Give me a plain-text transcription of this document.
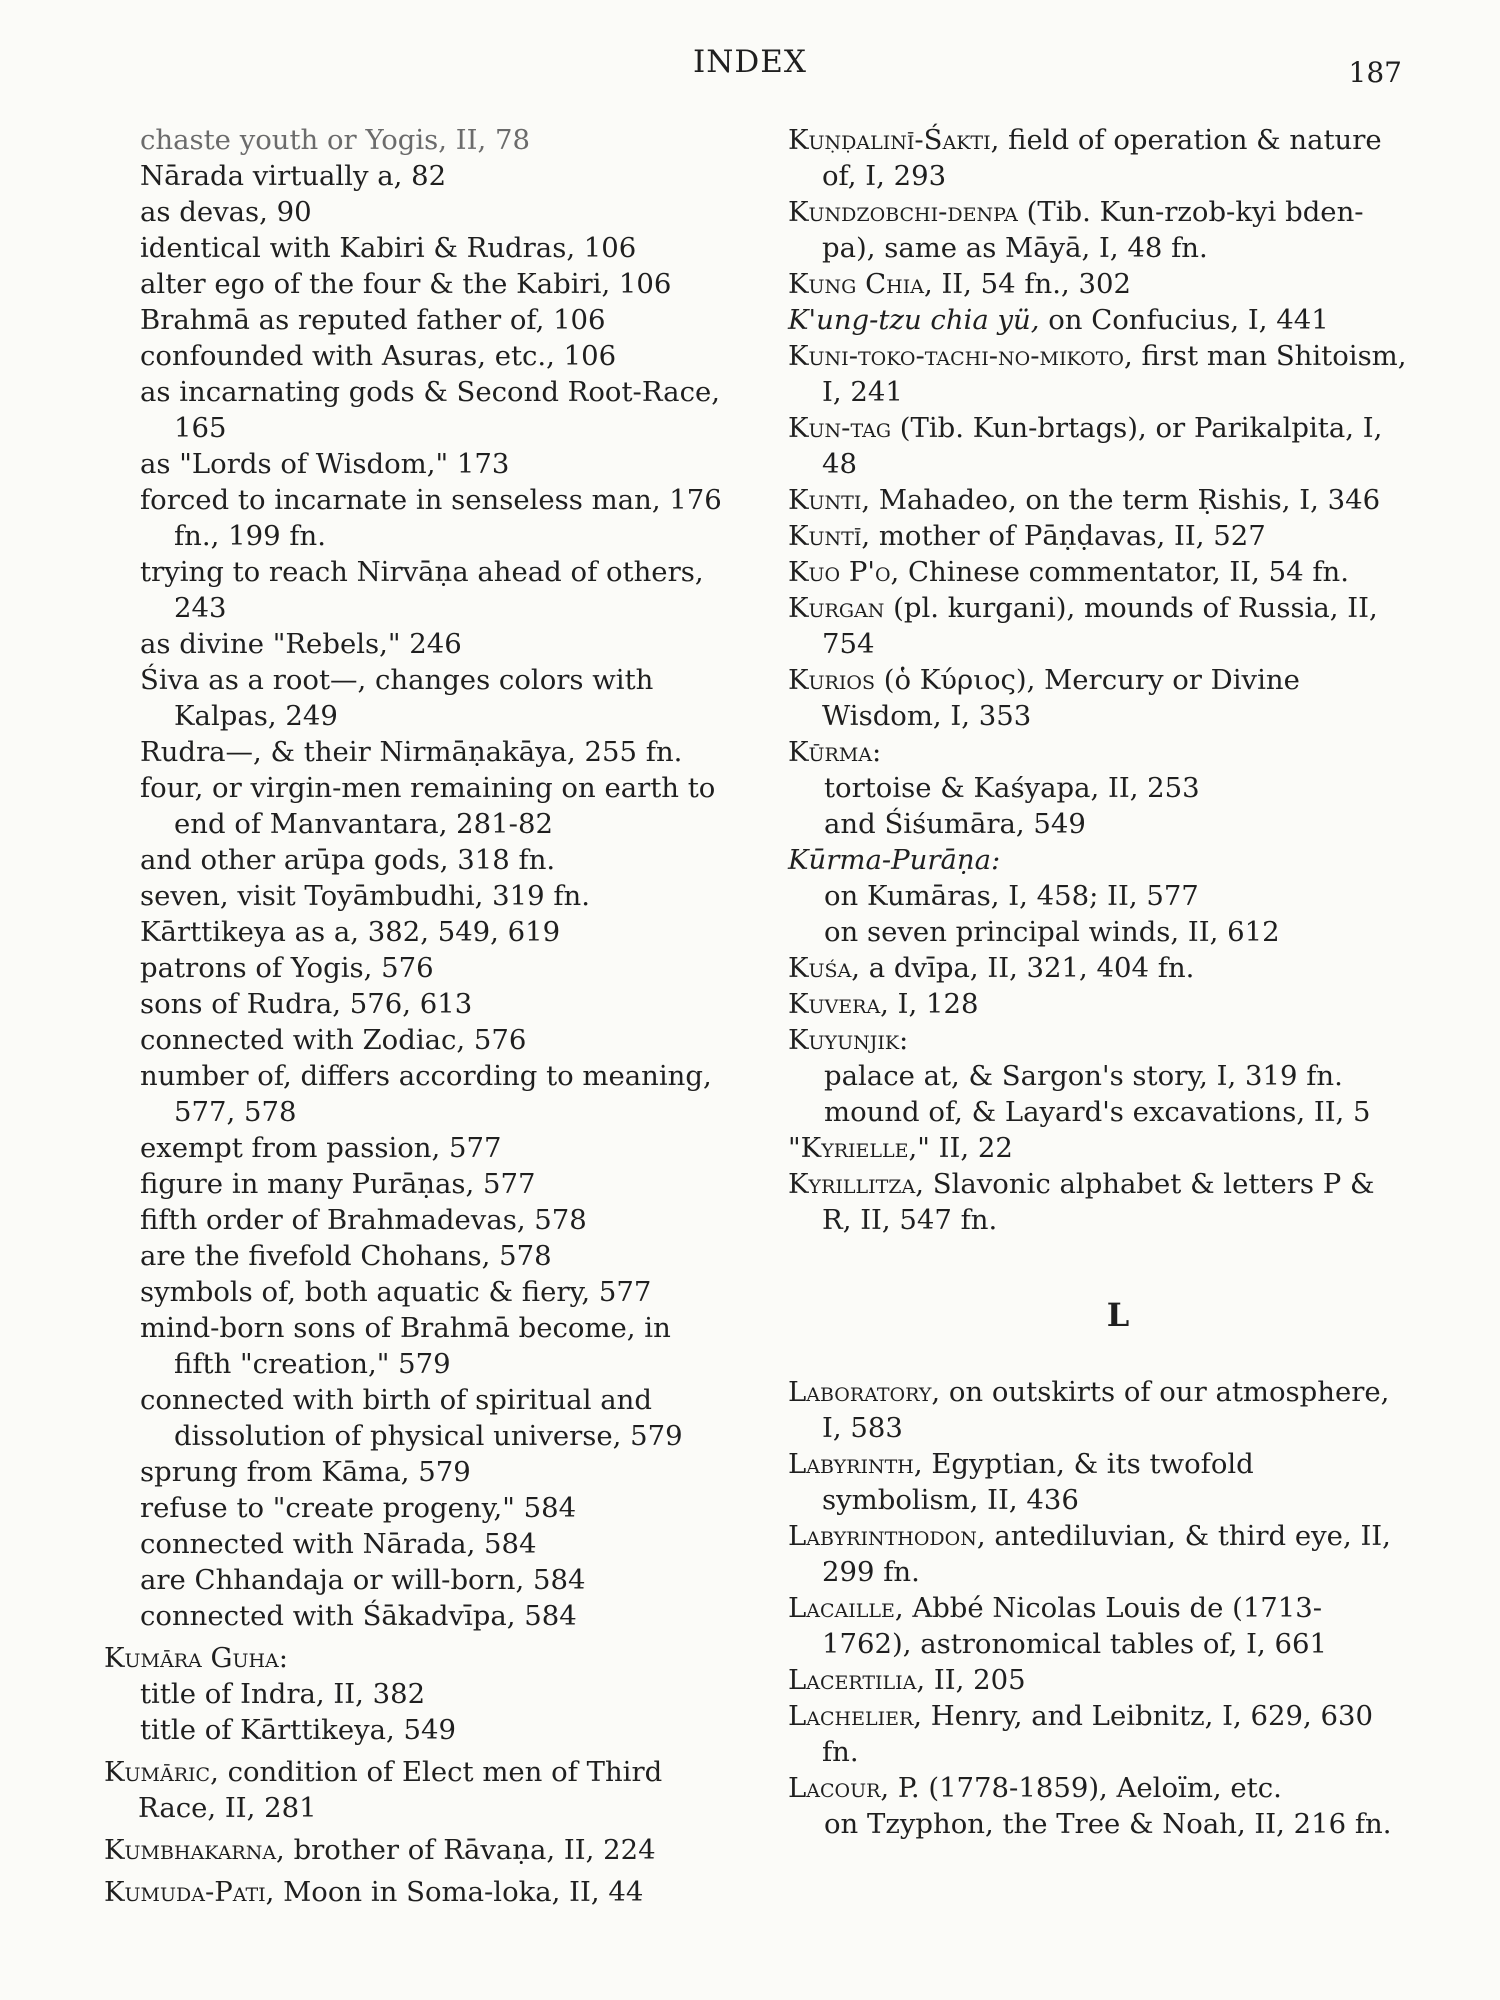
INDEX	187

chaste youth or Yogis, II, 78

Nārada virtually a, 82

as devas, 90

identical with Kabiri & Rudras, 106

alter ego of the four & the Kabiri, 106

Brahmā as reputed father of, 106

confounded with Asuras, etc., 106

as incarnating gods & Second Root-Race, 165

as "Lords of Wisdom," 173

forced to incarnate in senseless man, 176 fn., 199 fn.

trying to reach Nirvāṇa ahead of others, 243

as divine "Rebels," 246

Śiva as a root—, changes colors with Kalpas, 249

Rudra—, & their Nirmāṇakāya, 255 fn.

four, or virgin-men remaining on earth to end of Manvantara, 281-82

and other arūpa gods, 318 fn.

seven, visit Toyāmbudhi, 319 fn.

Kārttikeya as a, 382, 549, 619

patrons of Yogis, 576

sons of Rudra, 576, 613

connected with Zodiac, 576

number of, differs according to meaning, 577, 578

exempt from passion, 577

figure in many Purāṇas, 577

fifth order of Brahmadevas, 578

are the fivefold Chohans, 578

symbols of, both aquatic & fiery, 577

mind-born sons of Brahmā become, in fifth "creation," 579

connected with birth of spiritual and dissolution of physical universe, 579

sprung from Kāma, 579

refuse to "create progeny," 584

connected with Nārada, 584

are Chhandaja or will-born, 584

connected with Śākadvīpa, 584

Kumāra Guha:

title of Indra, II, 382

title of Kārttikeya, 549

Kumāric, condition of Elect men of Third Race, II, 281

Kumbhakarna, brother of Rāvaṇa, II, 224

Kumuda-Pati, Moon in Soma-loka, II, 44

Kuṇḍalinī-Śakti, field of operation & nature of, I, 293

Kundzobchi-denpa (Tib. Kun-rzob-kyi bden-pa), same as Māyā, I, 48 fn.

Kung Chia, II, 54 fn., 302

K'ung-tzu chia yü, on Confucius, I, 441

Kuni-toko-tachi-no-mikoto, first man Shitoism, I, 241

Kun-tag (Tib. Kun-brtags), or Parikalpita, I, 48

Kunti, Mahadeo, on the term Ṛishis, I, 346

Kuntī, mother of Pāṇḍavas, II, 527

Kuo P'o, Chinese commentator, II, 54 fn.

Kurgan (pl. kurgani), mounds of Russia, II, 754

Kurios (ὁ Κύριος), Mercury or Divine Wisdom, I, 353

Kūrma:

tortoise & Kaśyapa, II, 253

and Śiśumāra, 549

Kūrma-Purāṇa:

on Kumāras, I, 458; II, 577

on seven principal winds, II, 612

Kuśa, a dvīpa, II, 321, 404 fn.

Kuvera, I, 128

Kuyunjik:

palace at, & Sargon's story, I, 319 fn.

mound of, & Layard's excavations, II, 5

"Kyrielle," II, 22

Kyrillitza, Slavonic alphabet & letters P & R, II, 547 fn.

L

Laboratory, on outskirts of our atmosphere, I, 583

Labyrinth, Egyptian, & its twofold symbolism, II, 436

Labyrinthodon, antediluvian, & third eye, II, 299 fn.

Lacaille, Abbé Nicolas Louis de (1713-1762), astronomical tables of, I, 661

Lacertilia, II, 205

Lachelier, Henry, and Leibnitz, I, 629, 630 fn.

Lacour, P. (1778-1859), Aeloïm, etc.

on Tzyphon, the Tree & Noah, II, 216 fn.
